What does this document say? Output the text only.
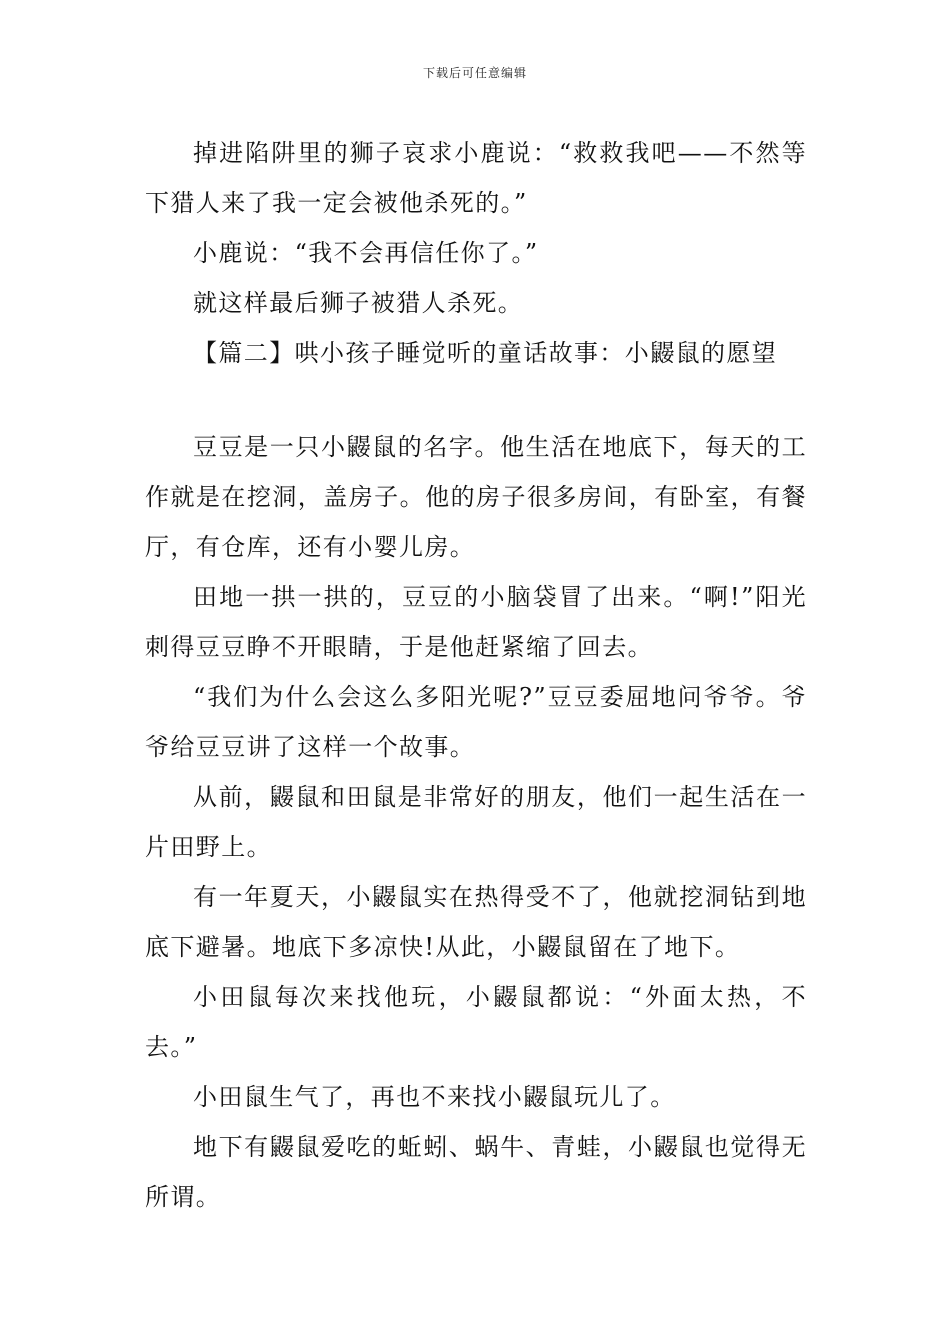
下载后可任意编辑

掉进陷阱里的狮子哀求小鹿说：“救救我吧——不然等下猎人来了我一定会被他杀死的。”

小鹿说：“我不会再信任你了。”

就这样最后狮子被猎人杀死。

【篇二】哄小孩子睡觉听的童话故事：小鼹鼠的愿望

豆豆是一只小鼹鼠的名字。他生活在地底下，每天的工作就是在挖洞，盖房子。他的房子很多房间，有卧室，有餐厅，有仓库，还有小婴儿房。

田地一拱一拱的，豆豆的小脑袋冒了出来。“啊!”阳光刺得豆豆睁不开眼睛，于是他赶紧缩了回去。

“我们为什么会这么多阳光呢?”豆豆委屈地问爷爷。爷爷给豆豆讲了这样一个故事。

从前，鼹鼠和田鼠是非常好的朋友，他们一起生活在一片田野上。

有一年夏天，小鼹鼠实在热得受不了，他就挖洞钻到地底下避暑。地底下多凉快!从此，小鼹鼠留在了地下。

小田鼠每次来找他玩，小鼹鼠都说：“外面太热，不去。”

小田鼠生气了，再也不来找小鼹鼠玩儿了。

地下有鼹鼠爱吃的蚯蚓、蜗牛、青蛙，小鼹鼠也觉得无所谓。
